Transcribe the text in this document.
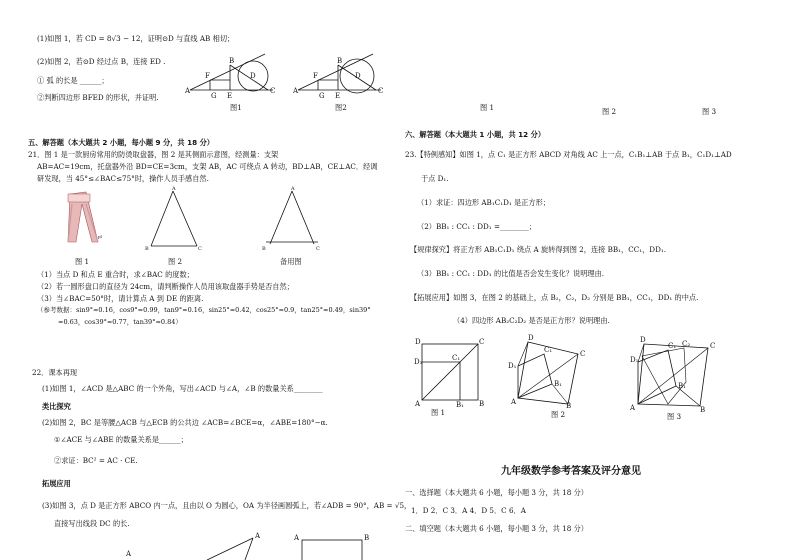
(1)如图 1，若 CD = 8√3 − 12，证明⊙D 与直线 AB 相切；
(2)如图 2，若⊙D 经过点 B，连接 ED .
① 弧 的长是 ______；
②判断四边形 BFED 的形状，并证明.
A
B
C
D
E
F
G
图1
A
B
C
D
E
F
G
图2
五、解答题（本大题共 2 小题，每小题 9 分，共 18 分）
21．图 1 是一款厨房常用的防烫取盘器，图 2 是其侧面示意图，经测量：支架
AB=AC=19cm，托盘器外沿 BD=CE=3cm，支架 AB，AC 可绕点 A 转动，BD⊥AB，CE⊥AC．经调
研发现，当 45°≤∠BAC≤75°时，操作人员手感自然.
pl
图 1
A
B	C
图 2
A
B	C
备用图
（1）当点 D 和点 E 重合时，求∠BAC 的度数；
（2）若一圆形盘口的直径为 24cm，请判断操作人员用该取盘器手势是否自然；
（3）当∠BAC=50°时，请计算点 A 到 DE 的距离.
（参考数据：sin9°≈0.16，cos9°≈0.99，tan9°≈0.16，sin25°≈0.42，cos25°≈0.9，tan25°≈0.49，sin39°
≈0.63，cos39°≈0.77，tan39°≈0.84）
22．课本再现
(1)如图 1，∠ACD 是△ABC 的一个外角，写出∠ACD 与∠A，∠B 的数量关系________
类比探究
(2)如图 2，BC 是等腰△ACB 与△ECB 的公共边 ∠ACB=∠BCE=α，∠ABE=180°−α.
①∠ACE 与∠ABE 的数量关系是______；
②求证：BC² = AC · CE.
拓展应用
(3)如图 3，点 D 是正方形 ABCO 内一点，且由以 O 为圆心，OA 为半径画圆弧上，若∠ADB = 90°，AB = √5，
直接写出线段 DC 的长.
A
A	A	B
图 1	图 2	图 3
六、解答题（本大题共 1 小题，共 12 分）
23.【特例感知】如图 1，点 C₁ 是正方形 ABCD 对角线 AC 上一点，C₁B₁⊥AB 于点 B₁，C₁D₁⊥AD
于点 D₁.
（1）求证：四边形 AB₁C₁D₁ 是正方形；
（2）BB₁ : CC₁ : DD₁ =________；
【规律探究】将正方形 AB₁C₁D₁ 绕点 A 旋转得到图 2，连接 BB₁，CC₁，DD₁.
（3）BB₁ : CC₁ : DD₁ 的比值是否会发生变化？说明理由.
【拓展应用】如图 3，在图 2 的基础上，点 B₂，C₂，D₂ 分别是 BB₁，CC₁，DD₁ 的中点.
（4）四边形 AB₂C₂D₂ 是否是正方形？说明理由.
D	C
A	B
C₁
D₁
B₁
图 1
D
C
A	B
C₁
D₁
B₁
图 2
D
C
A	B
C₂
C₁
D₁
B₁
图 3
九年级数学参考答案及评分意见
一、选择题（本大题共 6 小题，每小题 3 分，共 18 分）
1．D 2．C 3．A 4．D 5．C 6．A
二、填空题（本大题共 6 小题，每小题 3 分，共 18 分）
